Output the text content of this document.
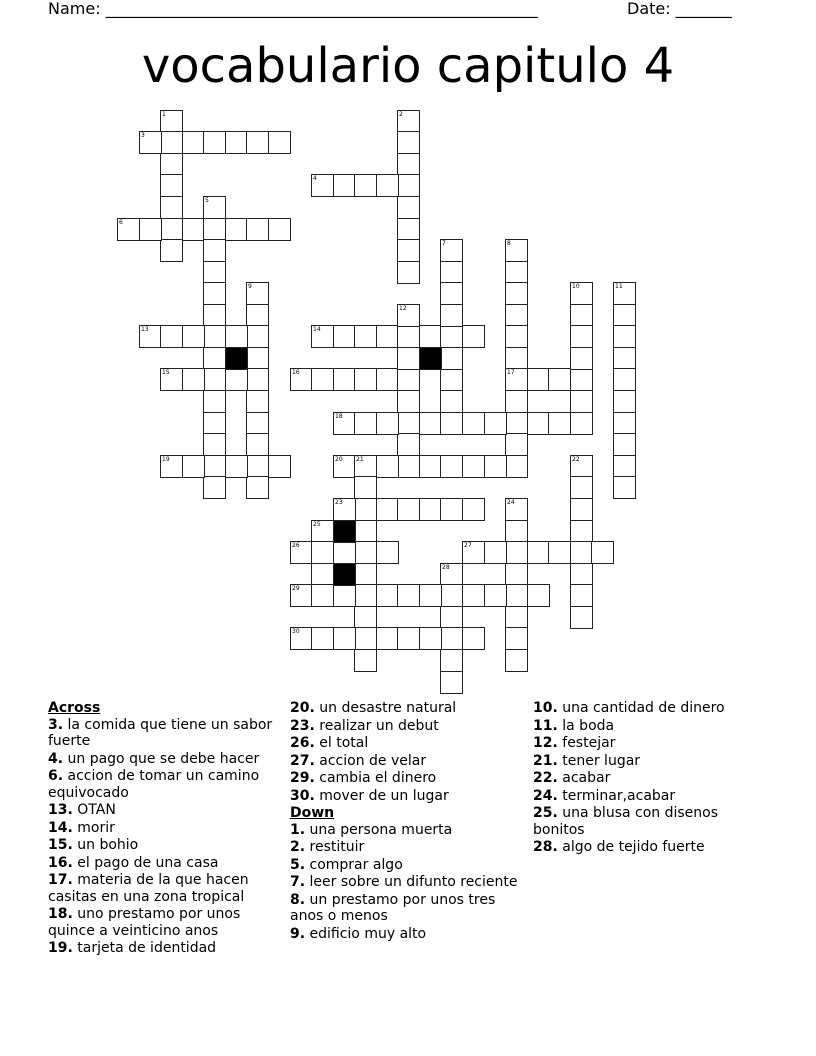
Name: ______________________________________________________	Date: _______
vocabulario capitulo 4
1
3
2
4
6
5
9
13
15
14
16
12
7	8
17
10	11
18
19	20 21	22
23	24
25
26	27
28
29
30
Across
3. la comida que tiene un sabor fuerte
4. un pago que se debe hacer
6. accion de tomar un camino equivocado
13. OTAN
14. morir
15. un bohio
16. el pago de una casa
17. materia de la que hacen casitas en una zona tropical
18. uno prestamo por unos quince a veinticino anos
19. tarjeta de identidad
20. un desastre natural
23. realizar un debut
26. el total
27. accion de velar
29. cambia el dinero
30. mover de un lugar
Down
1. una persona muerta
2. restituir
5. comprar algo
7. leer sobre un difunto reciente
8. un prestamo por unos tres anos o menos
9. edificio muy alto
10. una cantidad de dinero
11. la boda
12. festejar
21. tener lugar
22. acabar
24. terminar,acabar
25. una blusa con disenos bonitos
28. algo de tejido fuerte
